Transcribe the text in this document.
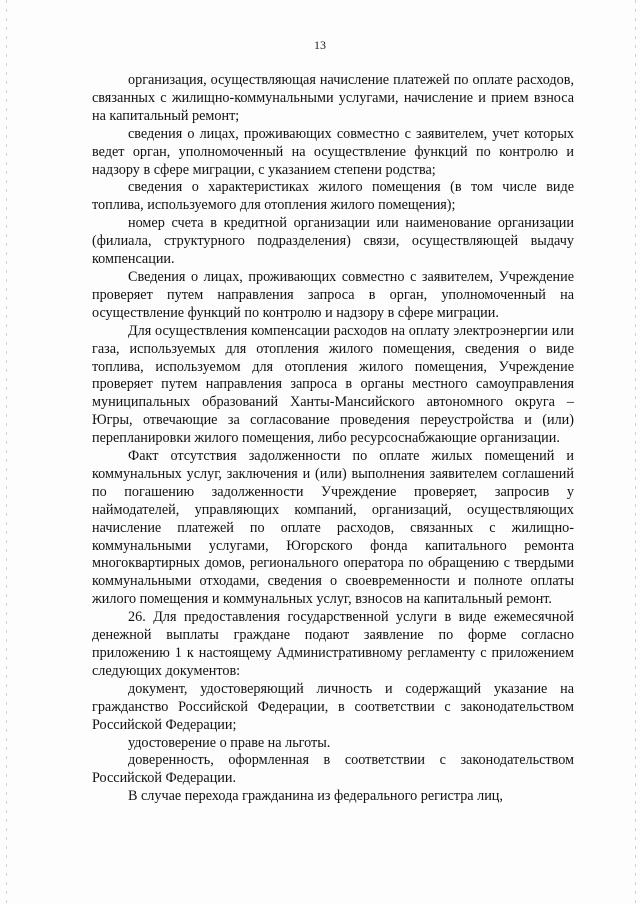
13

организация, осуществляющая начисление платежей по оплате расходов, связанных с жилищно-коммунальными услугами, начисление и прием взноса на капитальный ремонт;

сведения о лицах, проживающих совместно с заявителем, учет которых ведет орган, уполномоченный на осуществление функций по контролю и надзору в сфере миграции, с указанием степени родства;

сведения о характеристиках жилого помещения (в том числе виде топлива, используемого для отопления жилого помещения);

номер счета в кредитной организации или наименование организации (филиала, структурного подразделения) связи, осуществляющей выдачу компенсации.

Сведения о лицах, проживающих совместно с заявителем, Учреждение проверяет путем направления запроса в орган, уполномоченный на осуществление функций по контролю и надзору в сфере миграции.

Для осуществления компенсации расходов на оплату электроэнергии или газа, используемых для отопления жилого помещения, сведения о виде топлива, используемом для отопления жилого помещения, Учреждение проверяет путем направления запроса в органы местного самоуправления муниципальных образований Ханты-Мансийского автономного округа – Югры, отвечающие за согласование проведения переустройства и (или) перепланировки жилого помещения, либо ресурсоснабжающие организации.

Факт отсутствия задолженности по оплате жилых помещений и коммунальных услуг, заключения и (или) выполнения заявителем соглашений по погашению задолженности Учреждение проверяет, запросив у наймодателей, управляющих компаний, организаций, осуществляющих начисление платежей по оплате расходов, связанных с жилищно-коммунальными услугами, Югорского фонда капитального ремонта многоквартирных домов, регионального оператора по обращению с твердыми коммунальными отходами, сведения о своевременности и полноте оплаты жилого помещения и коммунальных услуг, взносов на капитальный ремонт.

26. Для предоставления государственной услуги в виде ежемесячной денежной выплаты граждане подают заявление по форме согласно приложению 1 к настоящему Административному регламенту с приложением следующих документов:

документ, удостоверяющий личность и содержащий указание на гражданство Российской Федерации, в соответствии с законодательством Российской Федерации;

удостоверение о праве на льготы.

доверенность, оформленная в соответствии с законодательством Российской Федерации.

В случае перехода гражданина из федерального регистра лиц,
